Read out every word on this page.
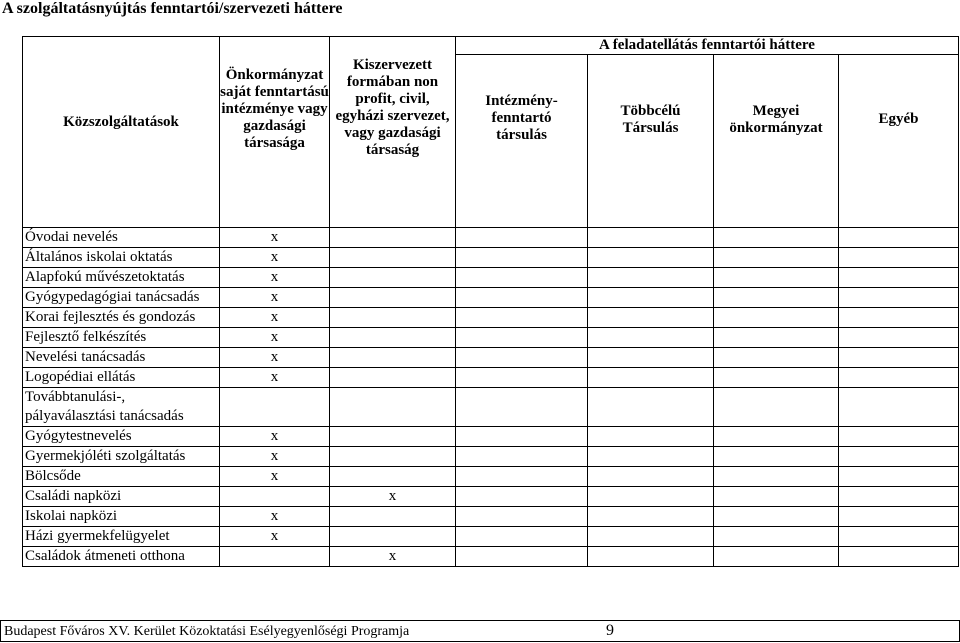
A szolgáltatásnyújtás fenntartói/szervezeti háttere
Közszolgáltatások	Önkormányzat saját fenntartású intézménye vagy gazdasági társasága	Kiszervezett formában non profit, civil, egyházi szervezet, vagy gazdasági társaság	A feladatellátás fenntartói háttere			

			Intézmény-fenntartó társulás	Többcélú Társulás	Megyei önkormányzat	Egyéb

Óvodai nevelés	x					
Általános iskolai oktatás	x					
Alapfokú művészetoktatás	x					
Gyógypedagógiai tanácsadás	x					
Korai fejlesztés és gondozás	x					
Fejlesztő felkészítés	x					
Nevelési tanácsadás	x					
Logopédiai ellátás	x					
Továbbtanulási-, pályaválasztási tanácsadás						
Gyógytestnevelés	x					
Gyermekjóléti szolgáltatás	x					
Bölcsőde	x					
Családi napközi		x				
Iskolai napközi	x					
Házi gyermekfelügyelet	x					
Családok átmeneti otthona		x				
Budapest Főváros XV. Kerület Közoktatási Esélyegyenlőségi Programja	9
